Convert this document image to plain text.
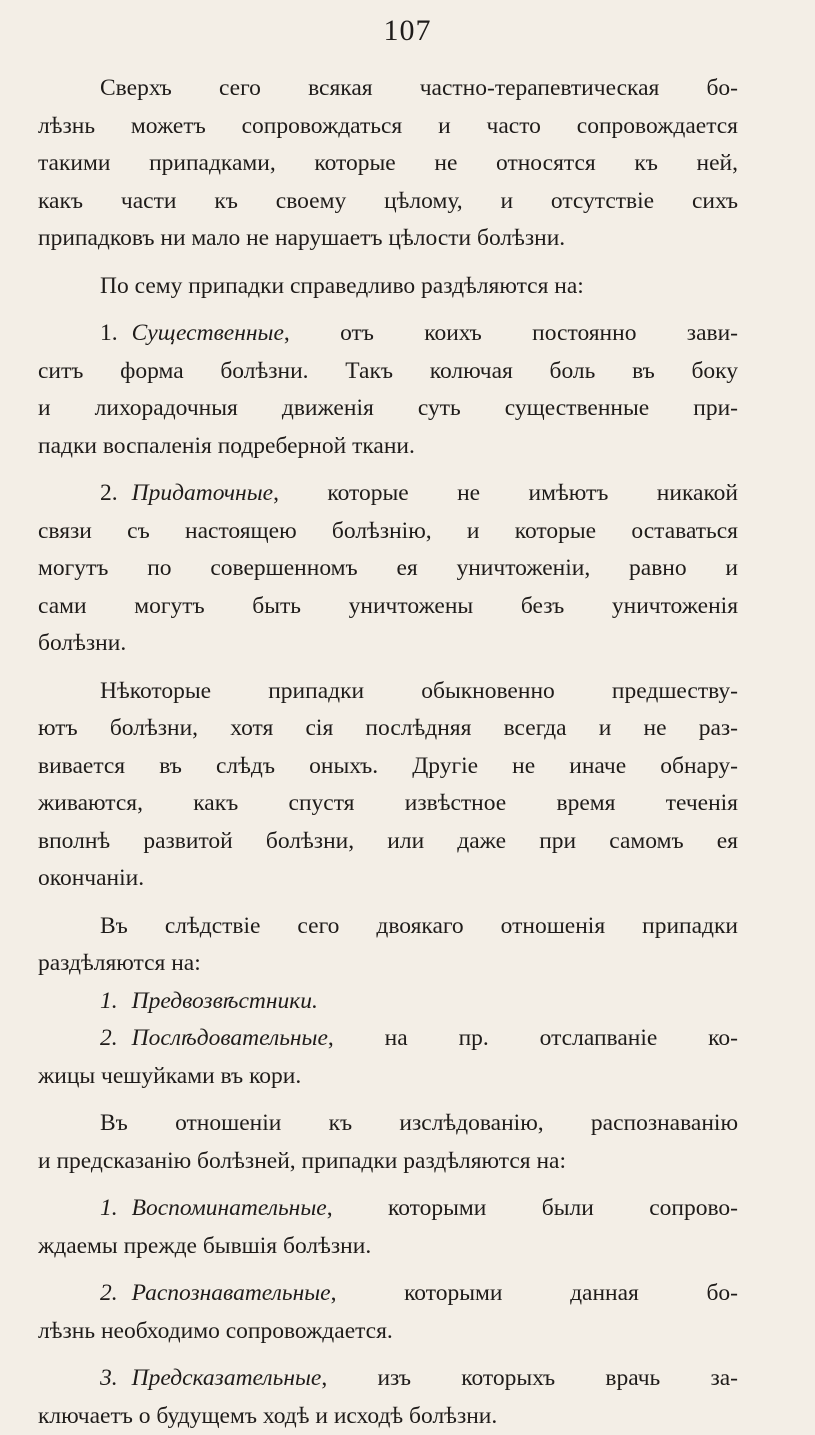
107
Сверхъ сего всякая частно-терапевтическая бо-
лѣзнь можетъ сопровождаться и часто сопровождается
такими припадками, которые не относятся къ ней,
какъ части къ своему цѣлому, и отсутствіе сихъ
припадковъ ни мало не нарушаетъ цѣлости болѣзни.
По сему припадки справедливо раздѣляются на:
1. Существенные, отъ коихъ постоянно зави-
ситъ форма болѣзни. Такъ колючая боль въ боку
и лихорадочныя движенія суть существенные при-
падки воспаленія подреберной ткани.
2. Придаточные, которые не имѣютъ никакой
связи съ настоящею болѣзнію, и которые оставаться
могутъ по совершенномъ ея уничтоженіи, равно и
сами могутъ быть уничтожены безъ уничтоженія
болѣзни.
Нѣкоторые припадки обыкновенно предшеству-
ютъ болѣзни, хотя сія послѣдняя всегда и не раз-
вивается въ слѣдъ оныхъ. Другіе не иначе обнару-
живаются, какъ спустя извѣстное время теченія
вполнѣ развитой болѣзни, или даже при самомъ ея
окончаніи.
Въ слѣдствіе сего двоякаго отношенія припадки
раздѣляются на:
1. Предвозвѣстники.
2. Послѣдовательные, на пр. отслапваніе ко-
жицы чешуйками въ кори.
Въ отношеніи къ изслѣдованію, распознаванію
и предсказанію болѣзней, припадки раздѣляются на:
1. Воспоминательные, которыми были сопрово-
ждаемы прежде бывшія болѣзни.
2. Распознавательные, которыми данная бо-
лѣзнь необходимо сопровождается.
3. Предсказательные, изъ которыхъ врачь за-
ключаетъ о будущемъ ходѣ и исходѣ болѣзни.
